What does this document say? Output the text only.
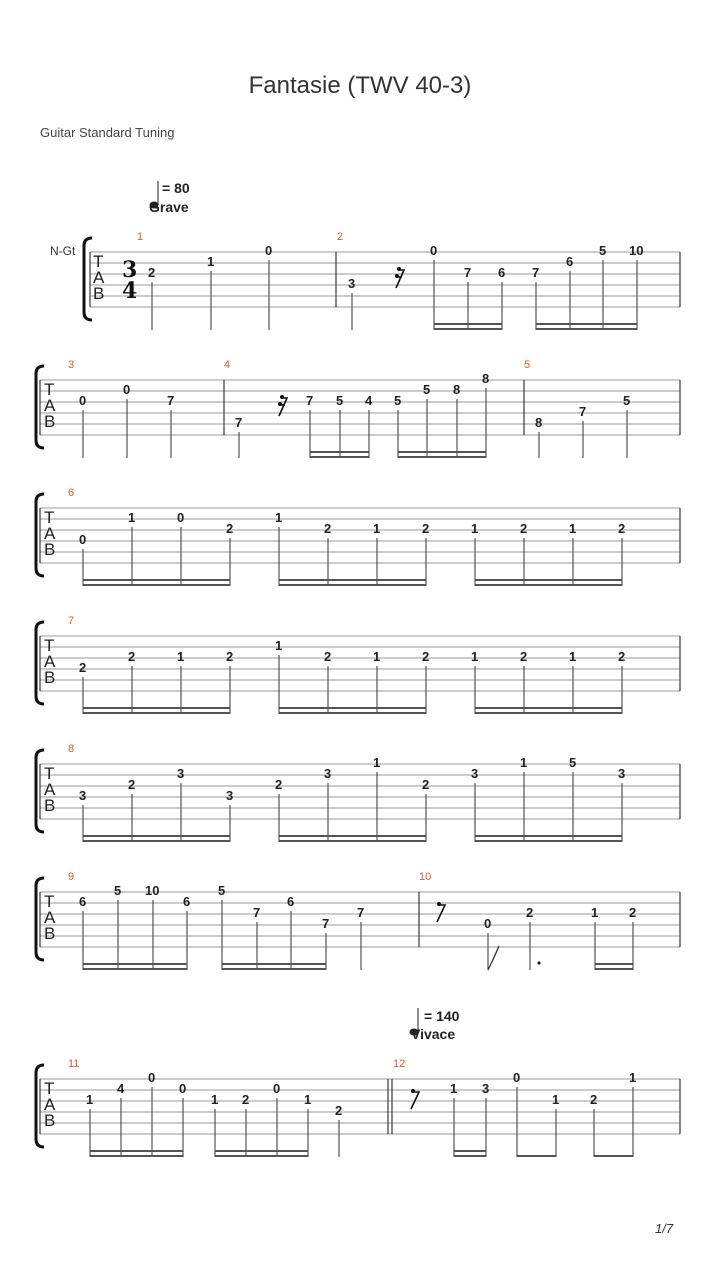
Fantasie (TWV 40-3)
Guitar Standard Tuning
= 80
Grave
= 140
Vivace
N-Gt
T
A
B
3
4
1
2
1
0
2
3
0
7 6 7
6
5 10
T
A
B
3
0
0
7
4
7
7 5 4 5
5 8
8
5
8
7
5
T
A
B
6
0
1	0
2
1
2	1	2	1	2	1	2
T
A
B
7
2
2	1	2
1
2	1	2	1	2	1	2
T
A
B
8
3
2
3
3
2
3
1
2
3
1	5
3
T
A
B
9
6
5 10
6
5
7
6
7
7
10
0
2	1 2
T
A
B
11
1
4
0
0
1 2
0
1
2
12
1 3
0
1 2
1
1/7
